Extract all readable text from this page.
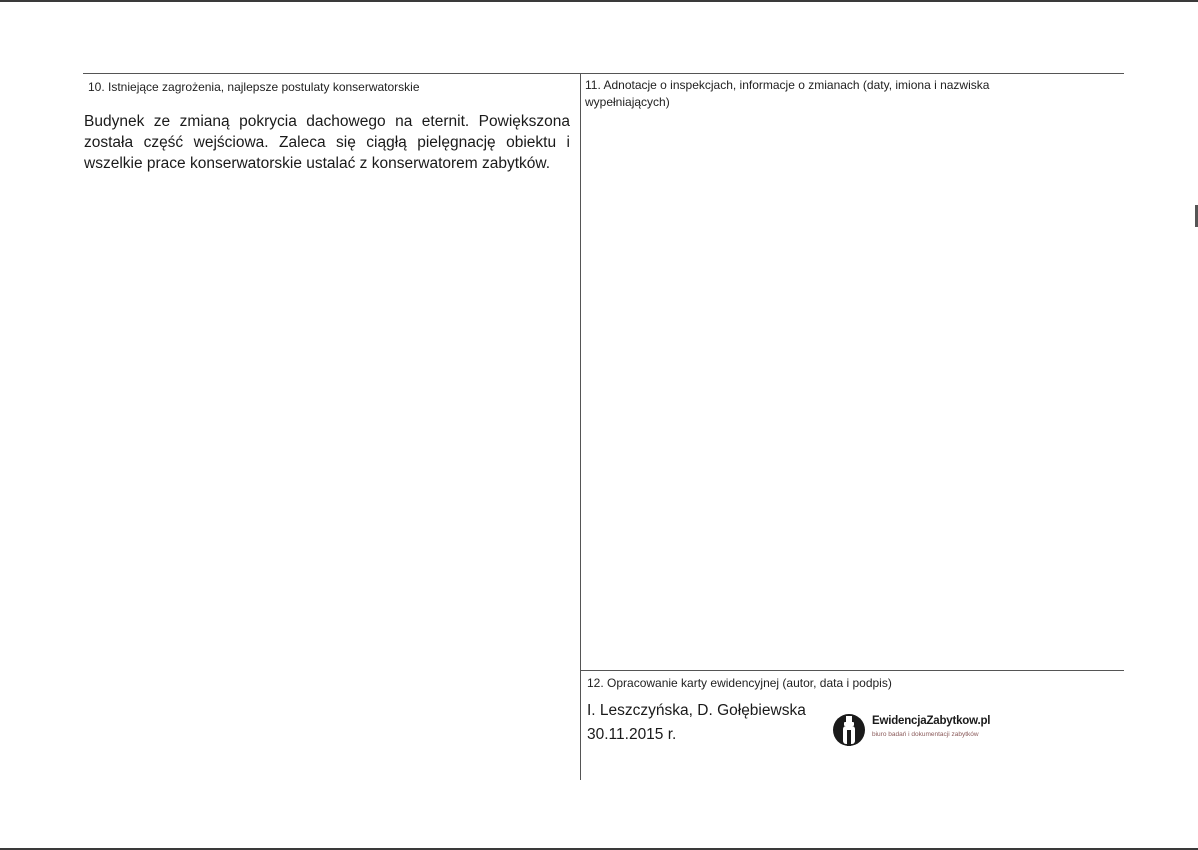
10. Istniejące zagrożenia, najlepsze postulaty konserwatorskie
Budynek ze zmianą pokrycia dachowego na eternit. Powiększona została część wejściowa. Zaleca się ciągłą pielęgnację obiektu i wszelkie prace konserwatorskie ustalać z konserwatorem zabytków.
11. Adnotacje o inspekcjach, informacje o zmianach (daty, imiona i nazwiska wypełniających)
12. Opracowanie karty ewidencyjnej (autor, data i podpis)
I. Leszczyńska, D. Gołębiewska
30.11.2015 r.
EwidencjaZabytkow.pl
biuro badań i dokumentacji zabytków
